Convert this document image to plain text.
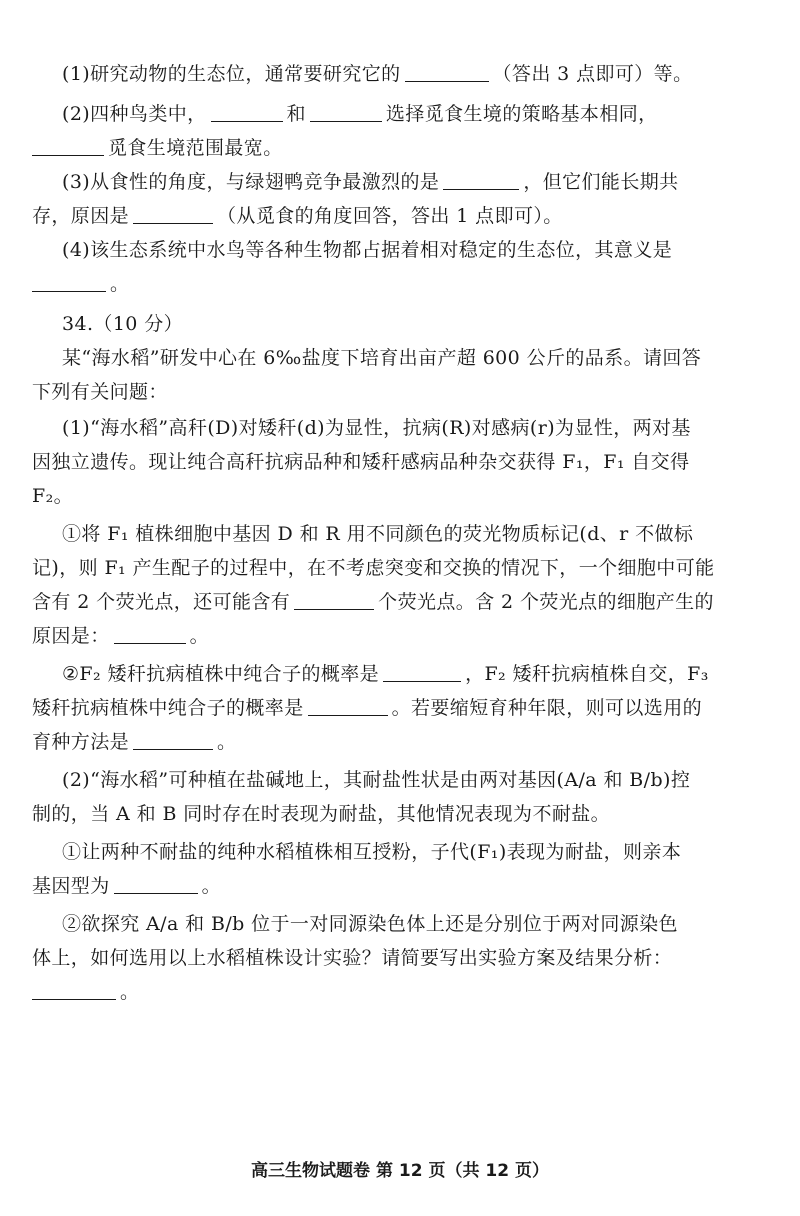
(1)研究动物的生态位，通常要研究它的	（答出 3 点即可）等。
(2)四种鸟类中，	和	选择觅食生境的策略基本相同，
觅食生境范围最宽。
(3)从食性的角度，与绿翅鸭竞争最激烈的是	，但它们能长期共
存，原因是	（从觅食的角度回答，答出 1 点即可）。
(4)该生态系统中水鸟等各种生物都占据着相对稳定的生态位，其意义是
。
34.（10 分）
某“海水稻”研发中心在 6‰盐度下培育出亩产超 600 公斤的品系。请回答
下列有关问题：
(1)“海水稻”高秆(D)对矮秆(d)为显性，抗病(R)对感病(r)为显性，两对基
因独立遗传。现让纯合高秆抗病品种和矮秆感病品种杂交获得 F₁，F₁ 自交得
F₂。
①将 F₁ 植株细胞中基因 D 和 R 用不同颜色的荧光物质标记(d、r 不做标
记)，则 F₁ 产生配子的过程中，在不考虑突变和交换的情况下，一个细胞中可能
含有 2 个荧光点，还可能含有	个荧光点。含 2 个荧光点的细胞产生的
原因是：	。
②F₂ 矮秆抗病植株中纯合子的概率是	，F₂ 矮秆抗病植株自交，F₃
矮秆抗病植株中纯合子的概率是	。若要缩短育种年限，则可以选用的
育种方法是	。
(2)“海水稻”可种植在盐碱地上，其耐盐性状是由两对基因(A/a 和 B/b)控
制的，当 A 和 B 同时存在时表现为耐盐，其他情况表现为不耐盐。
①让两种不耐盐的纯种水稻植株相互授粉，子代(F₁)表现为耐盐，则亲本
基因型为	。
②欲探究 A/a 和 B/b 位于一对同源染色体上还是分别位于两对同源染色
体上，如何选用以上水稻植株设计实验？请简要写出实验方案及结果分析：
。
高三生物试题卷 第 12 页（共 12 页）
